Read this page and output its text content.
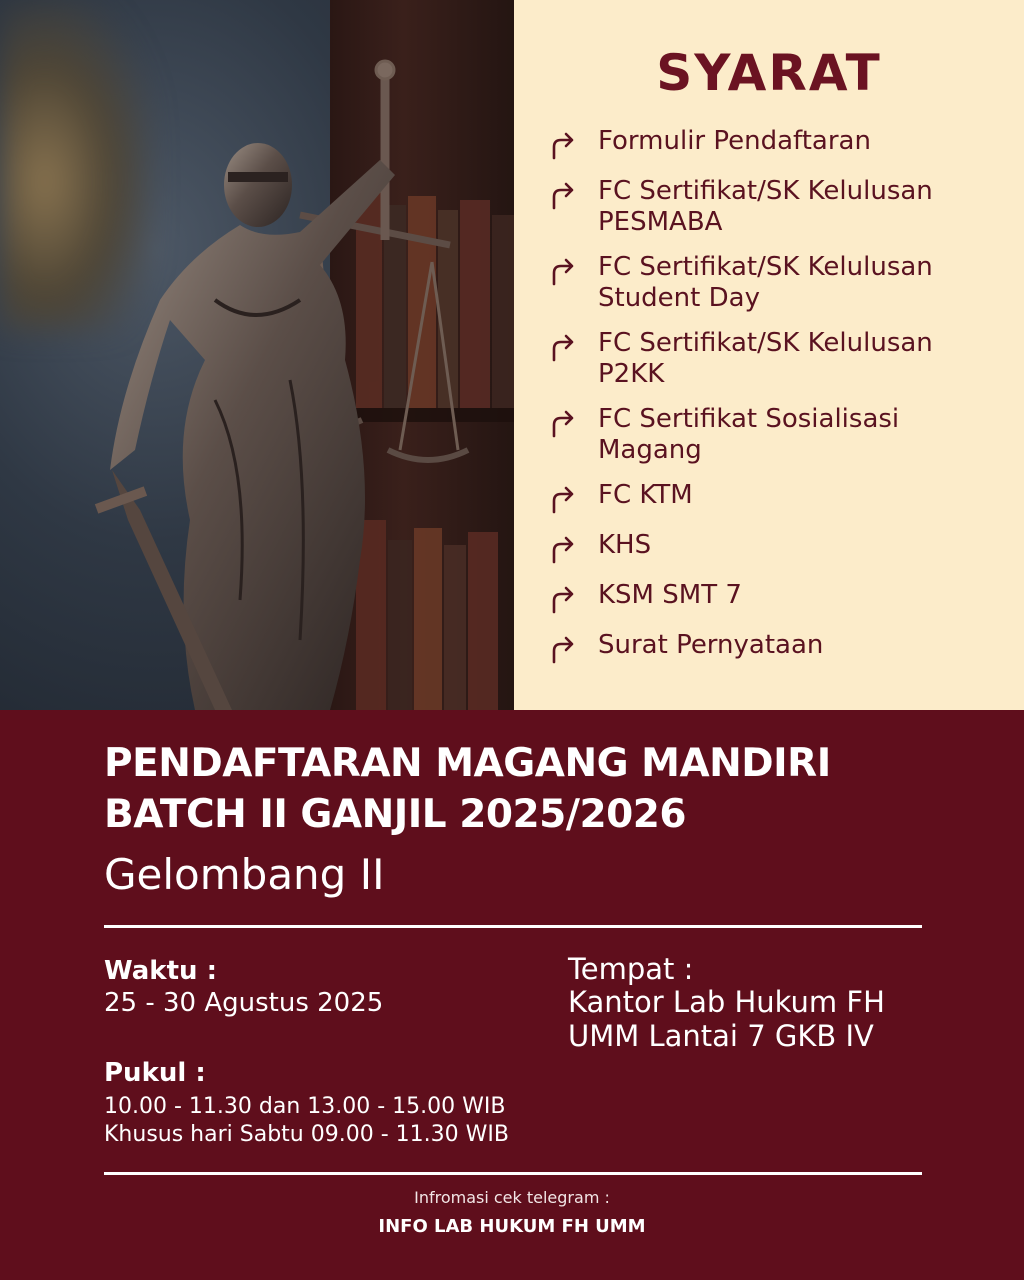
SYARAT
Formulir Pendaftaran
FC Sertifikat/SK Kelulusan
PESMABA
FC Sertifikat/SK Kelulusan
Student Day
FC Sertifikat/SK Kelulusan
P2KK
FC Sertifikat Sosialisasi
Magang
FC KTM
KHS
KSM SMT 7
Surat Pernyataan
PENDAFTARAN MAGANG MANDIRI
BATCH II GANJIL 2025/2026
Gelombang II
Waktu :
25 - 30 Agustus 2025
Pukul :
10.00 - 11.30 dan 13.00 - 15.00 WIB
Khusus hari Sabtu 09.00 - 11.30 WIB
Tempat :
Kantor Lab Hukum FH
UMM Lantai 7 GKB IV
Infromasi cek telegram :
INFO LAB HUKUM FH UMM
